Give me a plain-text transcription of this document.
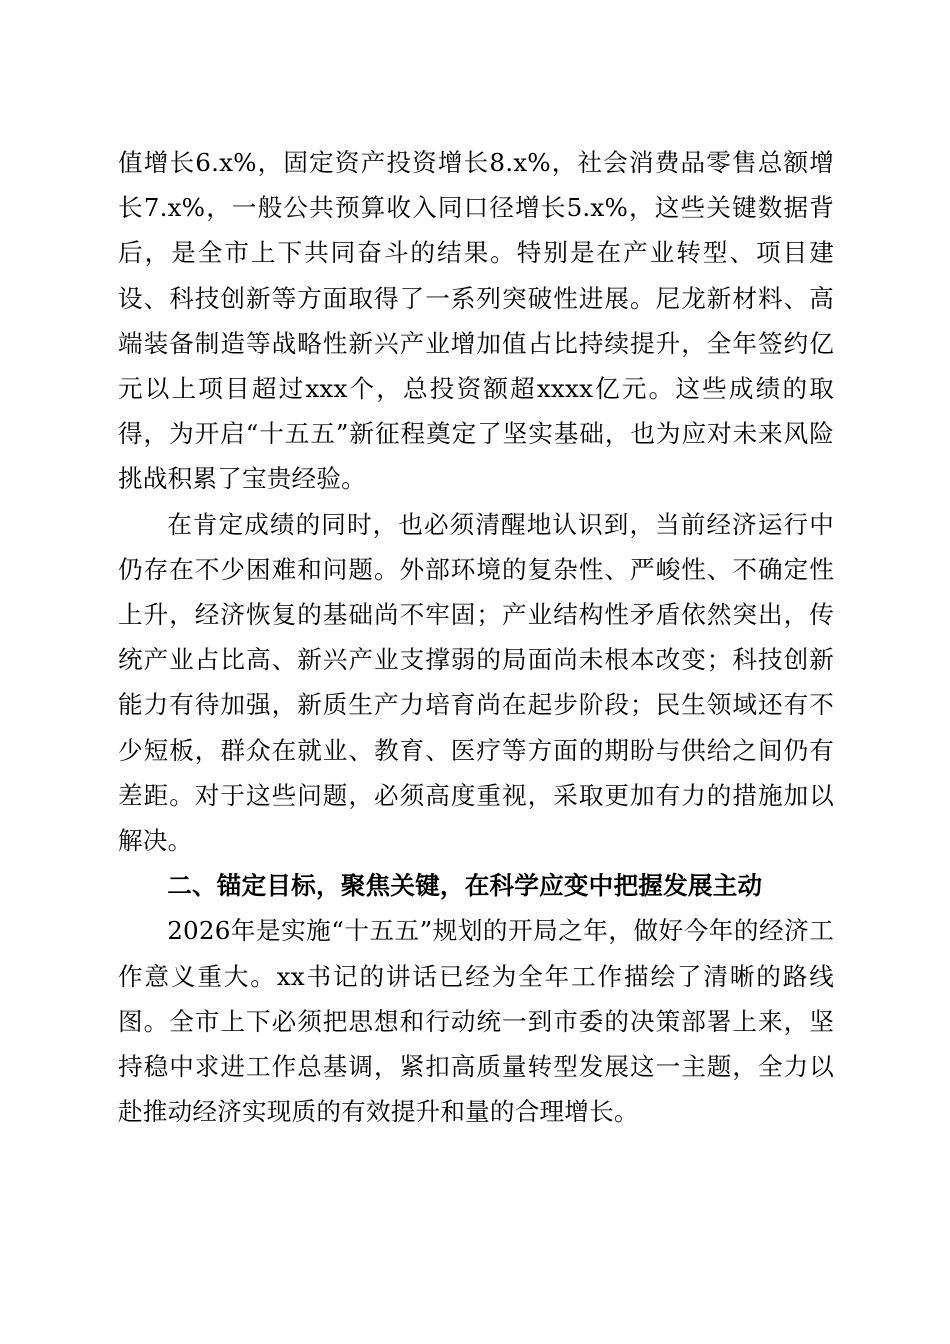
值增长6.x%，固定资产投资增长8.x%，社会消费品零售总额增长7.x%，一般公共预算收入同口径增长5.x%，这些关键数据背后，是全市上下共同奋斗的结果。特别是在产业转型、项目建设、科技创新等方面取得了一系列突破性进展。尼龙新材料、高端装备制造等战略性新兴产业增加值占比持续提升，全年签约亿元以上项目超过xxx个，总投资额超xxxx亿元。这些成绩的取得，为开启“十五五”新征程奠定了坚实基础，也为应对未来风险挑战积累了宝贵经验。

在肯定成绩的同时，也必须清醒地认识到，当前经济运行中仍存在不少困难和问题。外部环境的复杂性、严峻性、不确定性上升，经济恢复的基础尚不牢固；产业结构性矛盾依然突出，传统产业占比高、新兴产业支撑弱的局面尚未根本改变；科技创新能力有待加强，新质生产力培育尚在起步阶段；民生领域还有不少短板，群众在就业、教育、医疗等方面的期盼与供给之间仍有差距。对于这些问题，必须高度重视，采取更加有力的措施加以解决。

二、锚定目标，聚焦关键，在科学应变中把握发展主动

2026年是实施“十五五”规划的开局之年，做好今年的经济工作意义重大。xx书记的讲话已经为全年工作描绘了清晰的路线图。全市上下必须把思想和行动统一到市委的决策部署上来，坚持稳中求进工作总基调，紧扣高质量转型发展这一主题，全力以赴推动经济实现质的有效提升和量的合理增长。
